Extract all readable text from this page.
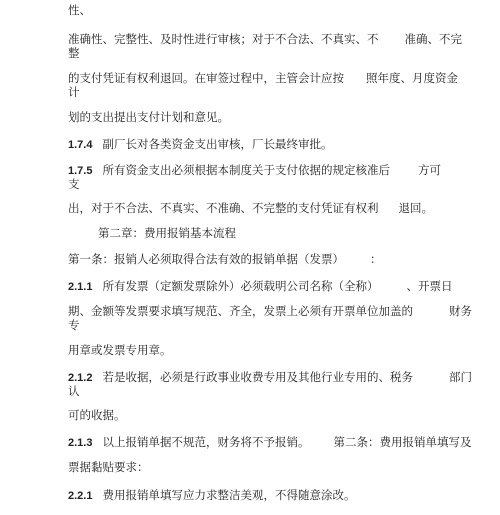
性、
准确性、完整性、及时性进行审核；对于不合法、不真实、不 准确、不完
整
的支付凭证有权利退回。在审签过程中，主管会计应按 照年度、月度资金
计
划的支出提出支付计划和意见。
1.7.4 副厂长对各类资金支出审核，厂长最终审批。
1.7.5 所有资金支出必须根据本制度关于支付依据的规定核准后 方可
支
出，对于不合法、不真实、不准确、不完整的支付凭证有权利 退回。
第二章：费用报销基本流程
第一条：报销人必须取得合法有效的报销单据（发票） ：
2.1.1 所有发票（定额发票除外）必须载明公司名称（全称） 、开票日
期、金额等发票要求填写规范、齐全，发票上必须有开票单位加盖的	财务
专
用章或发票专用章。
2.1.2 若是收据，必须是行政事业收费专用及其他行业专用的、税务	部门
认
可的收据。
2.1.3 以上报销单据不规范，财务将不予报销。 第二条：费用报销单填写及
票据黏贴要求：
2.2.1 费用报销单填写应力求整洁美观，不得随意涂改。
